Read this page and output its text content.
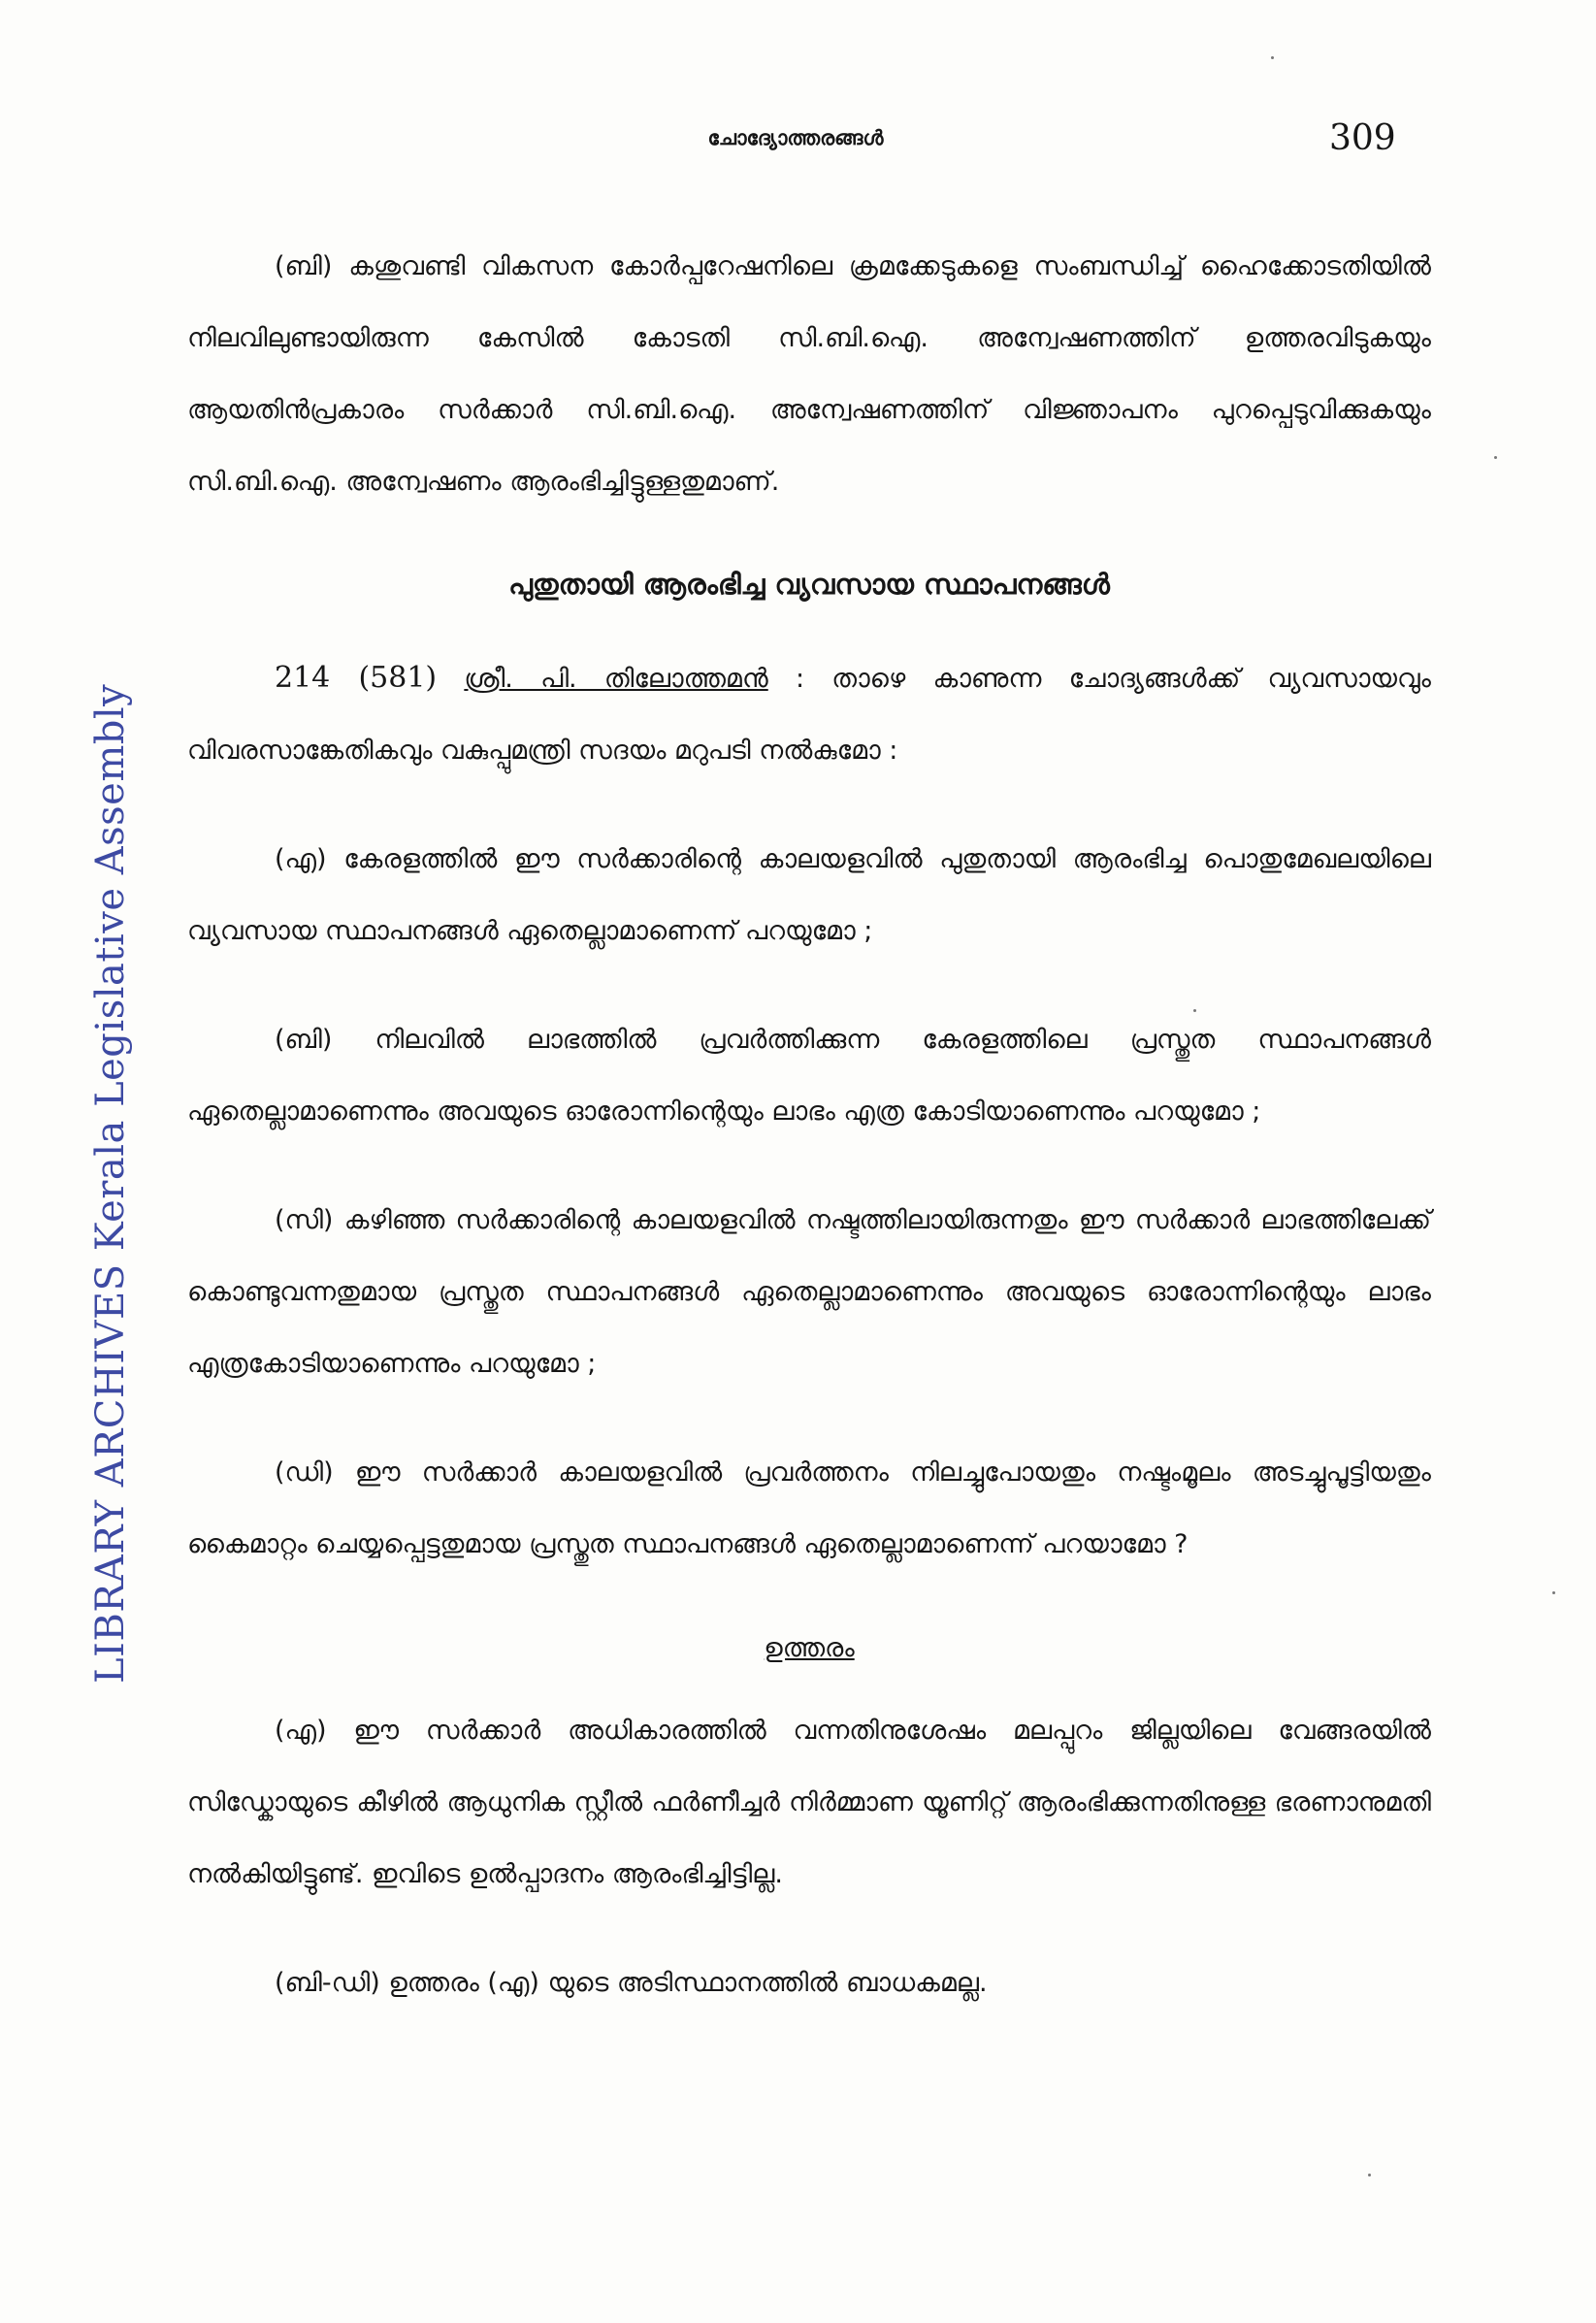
LIBRARY ARCHIVES Kerala Legislative Assembly
ചോദ്യോത്തരങ്ങൾ	309

(ബി) കശുവണ്ടി വികസന കോർപ്പറേഷനിലെ ക്രമക്കേടുകളെ സംബന്ധിച്ച് ഹൈക്കോടതിയിൽ നിലവിലുണ്ടായിരുന്ന കേസിൽ കോടതി സി.ബി.ഐ. അന്വേഷണത്തിന് ഉത്തരവിടുകയും ആയതിൻപ്രകാരം സർക്കാർ സി.ബി.ഐ. അന്വേഷണത്തിന് വിജ്ഞാപനം പുറപ്പെടുവിക്കുകയും സി.ബി.ഐ. അന്വേഷണം ആരംഭിച്ചിട്ടുള്ളതുമാണ്.

പുതുതായി ആരംഭിച്ച വ്യവസായ സ്ഥാപനങ്ങൾ

214 (581) ശ്രീ. പി. തിലോത്തമൻ : താഴെ കാണുന്ന ചോദ്യങ്ങൾക്ക് വ്യവസായവും വിവരസാങ്കേതികവും വകുപ്പുമന്ത്രി സദയം മറുപടി നൽകുമോ :

(എ) കേരളത്തിൽ ഈ സർക്കാരിന്റെ കാലയളവിൽ പുതുതായി ആരംഭിച്ച പൊതുമേഖലയിലെ വ്യവസായ സ്ഥാപനങ്ങൾ ഏതെല്ലാമാണെന്ന് പറയുമോ ;

(ബി) നിലവിൽ ലാഭത്തിൽ പ്രവർത്തിക്കുന്ന കേരളത്തിലെ പ്രസ്തുത സ്ഥാപനങ്ങൾ ഏതെല്ലാമാണെന്നും അവയുടെ ഓരോന്നിന്റെയും ലാഭം എത്ര കോടിയാണെന്നും പറയുമോ ;

(സി) കഴിഞ്ഞ സർക്കാരിന്റെ കാലയളവിൽ നഷ്ടത്തിലായിരുന്നതും ഈ സർക്കാർ ലാഭത്തിലേക്ക് കൊണ്ടുവന്നതുമായ പ്രസ്തുത സ്ഥാപനങ്ങൾ ഏതെല്ലാമാണെന്നും അവയുടെ ഓരോന്നിന്റെയും ലാഭം എത്രകോടിയാണെന്നും പറയുമോ ;

(ഡി) ഈ സർക്കാർ കാലയളവിൽ പ്രവർത്തനം നിലച്ചുപോയതും നഷ്ടംമൂലം അടച്ചുപൂട്ടിയതും കൈമാറ്റം ചെയ്യപ്പെട്ടതുമായ പ്രസ്തുത സ്ഥാപനങ്ങൾ ഏതെല്ലാമാണെന്ന് പറയാമോ ?

ഉത്തരം

(എ) ഈ സർക്കാർ അധികാരത്തിൽ വന്നതിനുശേഷം മലപ്പുറം ജില്ലയിലെ വേങ്ങരയിൽ സിഡ്കോയുടെ കീഴിൽ ആധുനിക സ്റ്റീൽ ഫർണീച്ചർ നിർമ്മാണ യൂണിറ്റ് ആരംഭിക്കുന്നതിനുള്ള ഭരണാനുമതി നൽകിയിട്ടുണ്ട്. ഇവിടെ ഉൽപ്പാദനം ആരംഭിച്ചിട്ടില്ല.

(ബി-ഡി) ഉത്തരം (എ) യുടെ അടിസ്ഥാനത്തിൽ ബാധകമല്ല.
